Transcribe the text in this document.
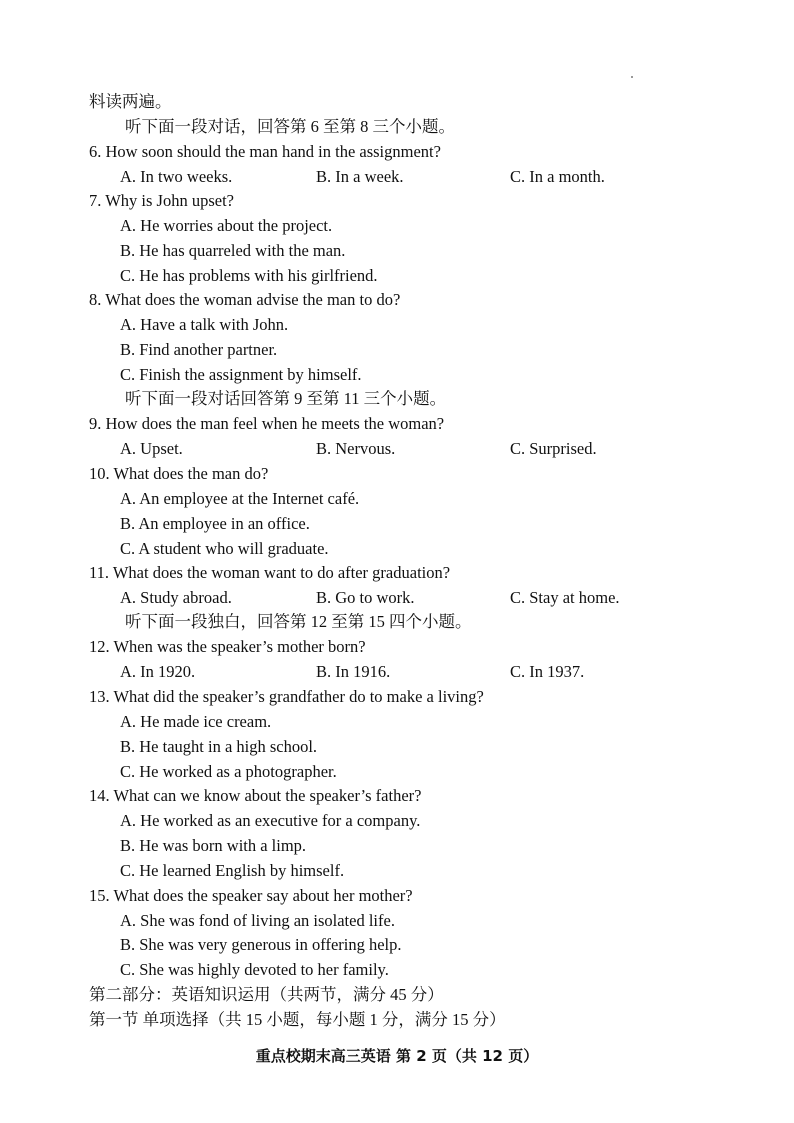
料读两遍。
听下面一段对话，回答第 6 至第 8 三个小题。
6. How soon should the man hand in the assignment?
A. In two weeks.	B. In a week.	C. In a month.
7. Why is John upset?
A. He worries about the project.
B. He has quarreled with the man.
C. He has problems with his girlfriend.
8. What does the woman advise the man to do?
A. Have a talk with John.
B. Find another partner.
C. Finish the assignment by himself.
听下面一段对话回答第 9 至第 11 三个小题。
9. How does the man feel when he meets the woman?
A. Upset.	B. Nervous.	C. Surprised.
10. What does the man do?
A. An employee at the Internet café.
B. An employee in an office.
C. A student who will graduate.
11. What does the woman want to do after graduation?
A. Study abroad.	B. Go to work.	C. Stay at home.
听下面一段独白，回答第 12 至第 15 四个小题。
12. When was the speaker’s mother born?
A. In 1920.	B. In 1916.	C. In 1937.
13. What did the speaker’s grandfather do to make a living?
A. He made ice cream.
B. He taught in a high school.
C. He worked as a photographer.
14. What can we know about the speaker’s father?
A. He worked as an executive for a company.
B. He was born with a limp.
C. He learned English by himself.
15. What does the speaker say about her mother?
A. She was fond of living an isolated life.
B. She was very generous in offering help.
C. She was highly devoted to her family.
第二部分：英语知识运用（共两节，满分 45 分）
第一节 单项选择（共 15 小题，每小题 1 分，满分 15 分）
重点校期末高三英语 第 2 页（共 12 页）
